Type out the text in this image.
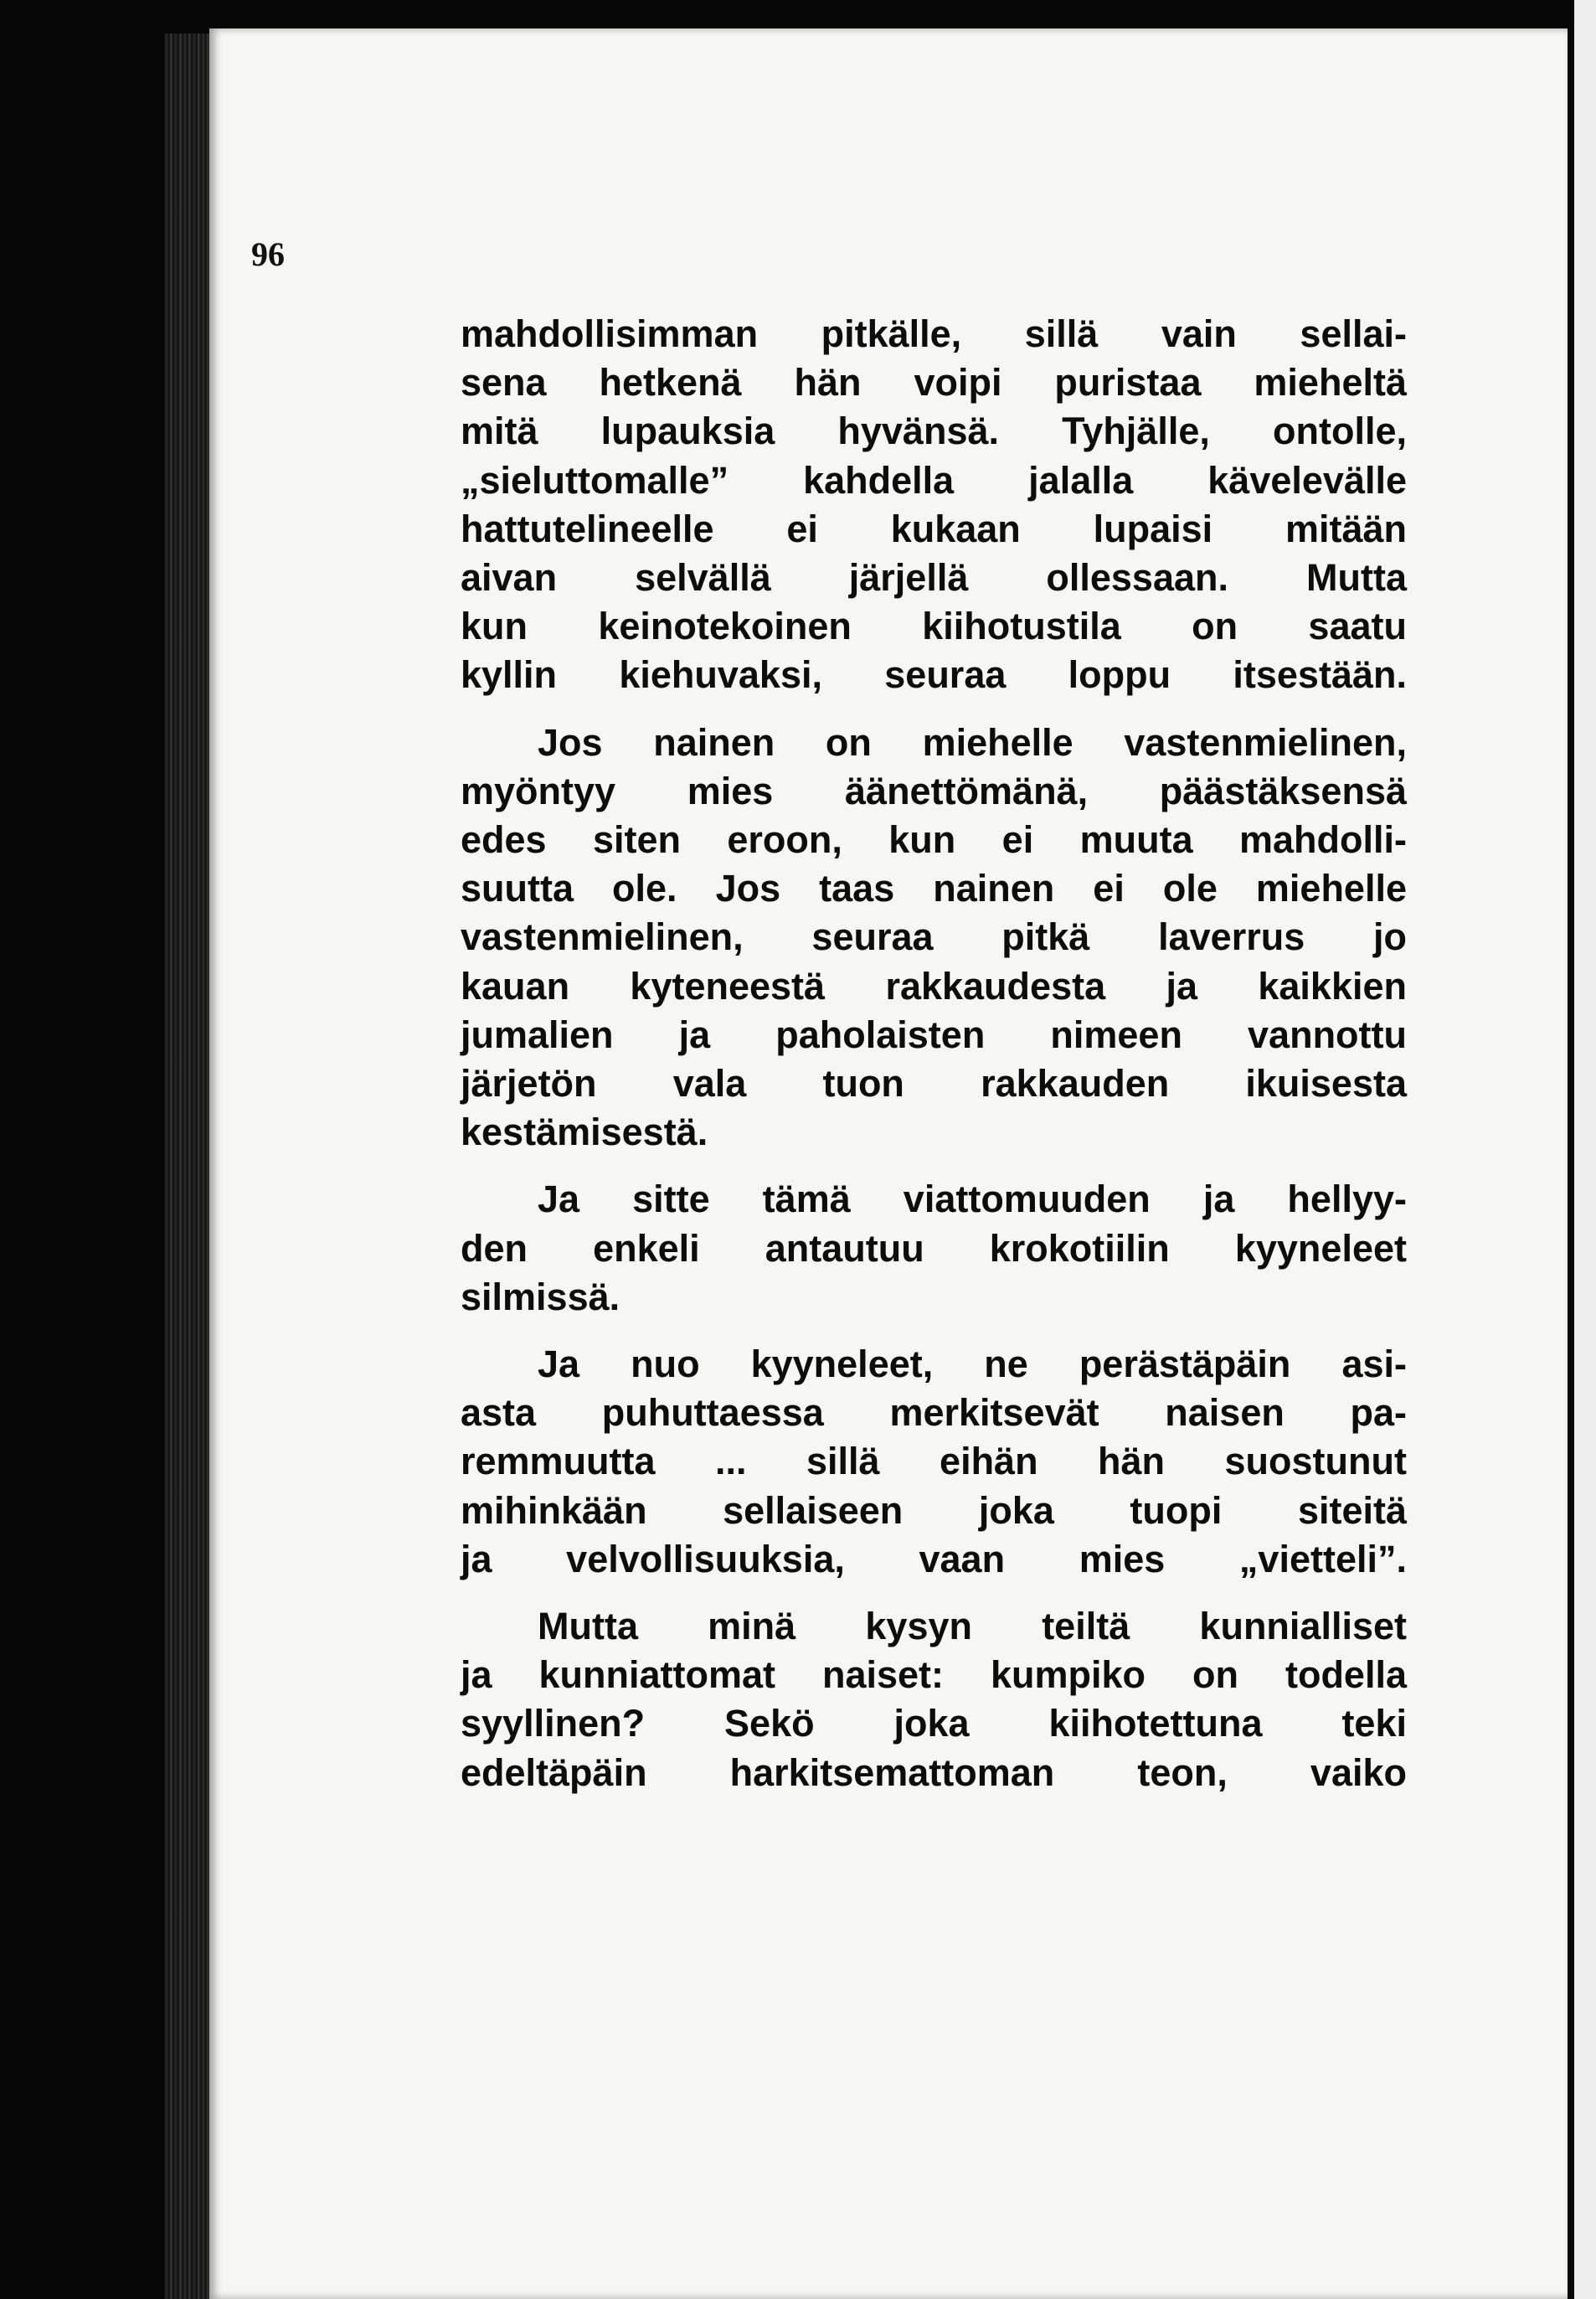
96

mahdollisimman pitkälle, sillä vain sellai-
sena hetkenä hän voipi puristaa mieheltä
mitä lupauksia hyvänsä. Tyhjälle, ontolle,
„sieluttomalle” kahdella jalalla kävelevälle
hattutelineelle ei kukaan lupaisi mitään
aivan selvällä järjellä ollessaan. Mutta
kun keinotekoinen kiihotustila on saatu
kyllin kiehuvaksi, seuraa loppu itsestään.
Jos nainen on miehelle vastenmielinen,
myöntyy mies äänettömänä, päästäksensä
edes siten eroon, kun ei muuta mahdolli-
suutta ole. Jos taas nainen ei ole miehelle
vastenmielinen, seuraa pitkä laverrus jo
kauan kyteneestä rakkaudesta ja kaikkien
jumalien ja paholaisten nimeen vannottu
järjetön vala tuon rakkauden ikuisesta
kestämisestä.
Ja sitte tämä viattomuuden ja hellyy-
den enkeli antautuu krokotiilin kyyneleet
silmissä.
Ja nuo kyyneleet, ne perästäpäin asi-
asta puhuttaessa merkitsevät naisen pa-
remmuutta ... sillä eihän hän suostunut
mihinkään sellaiseen joka tuopi siteitä
ja velvollisuuksia, vaan mies „vietteli”.
Mutta minä kysyn teiltä kunnialliset
ja kunniattomat naiset: kumpiko on todella
syyllinen? Sekö joka kiihotettuna teki
edeltäpäin harkitsemattoman teon, vaiko
